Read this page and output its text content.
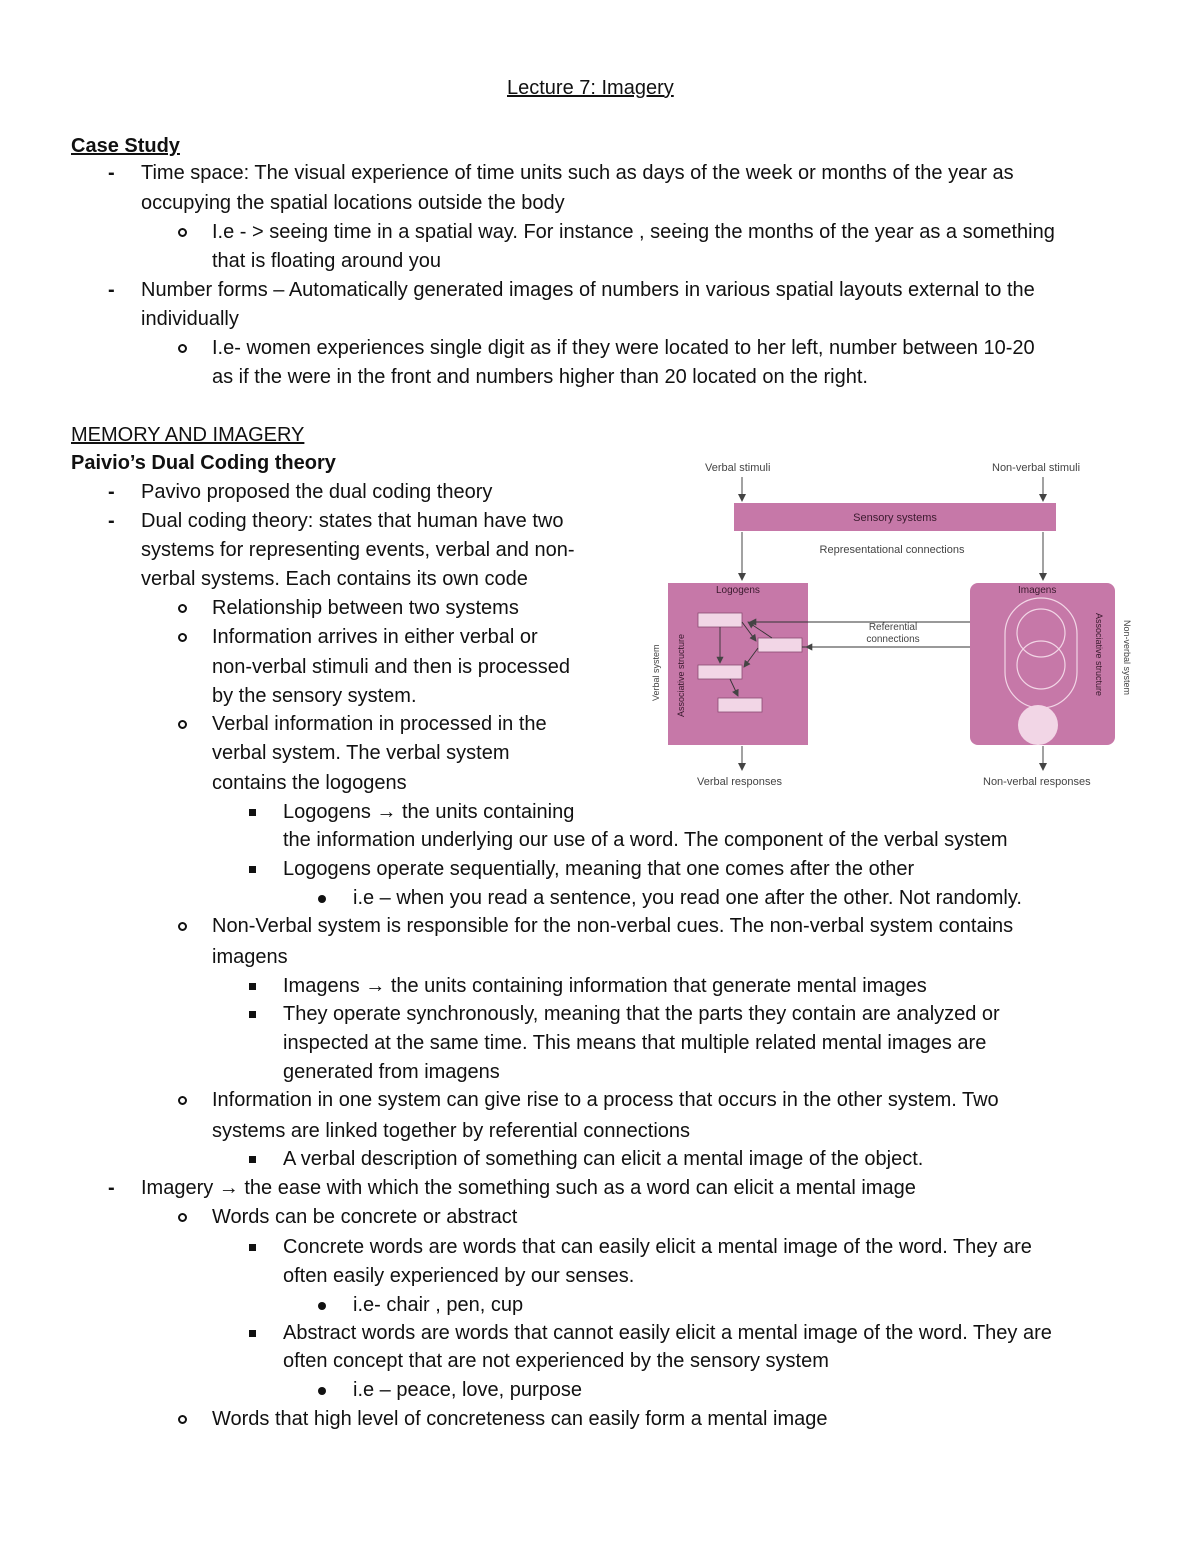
Lecture 7: Imagery
Case Study
- Time space: The visual experience of time units such as days of the week or months of the year as
occupying the spatial locations outside the body
I.e - > seeing time in a spatial way. For instance , seeing the months of the year as a something
that is floating around you
- Number forms – Automatically generated images of numbers in various spatial layouts external to the
individually
I.e- women experiences single digit as if they were located to her left, number between 10-20
as if the were in the front and numbers higher than 20 located on the right.
MEMORY AND IMAGERY
Paivio’s Dual Coding theory
- Pavivo proposed the dual coding theory
- Dual coding theory: states that human have two
systems for representing events, verbal and non-
verbal systems. Each contains its own code
Relationship between two systems
Information arrives in either verbal or
non-verbal stimuli and then is processed
by the sensory system.
Verbal information in processed in the
verbal system. The verbal system
contains the logogens
Logogens → the units containing
the information underlying our use of a word. The component of the verbal system
Logogens operate sequentially, meaning that one comes after the other
i.e – when you read a sentence, you read one after the other. Not randomly.
Non-Verbal system is responsible for the non-verbal cues. The non-verbal system contains
imagens
Imagens → the units containing information that generate mental images
They operate synchronously, meaning that the parts they contain are analyzed or
inspected at the same time. This means that multiple related mental images are
generated from imagens
Information in one system can give rise to a process that occurs in the other system. Two
systems are linked together by referential connections
A verbal description of something can elicit a mental image of the object.
- Imagery → the ease with which the something such as a word can elicit a mental image
Words can be concrete or abstract
Concrete words are words that can easily elicit a mental image of the word. They are
often easily experienced by our senses.
i.e- chair , pen, cup
Abstract words are words that cannot easily elicit a mental image of the word. They are
often concept that are not experienced by the sensory system
i.e – peace, love, purpose
Words that high level of concreteness can easily form a mental image
Verbal stimuli	Non-verbal stimuli
Sensory systems
Representational connections
Logogens
Associative structure
Verbal system
Referential
connections
Imagens
Associative structure Non-verbal system
Verbal responses	Non-verbal responses
